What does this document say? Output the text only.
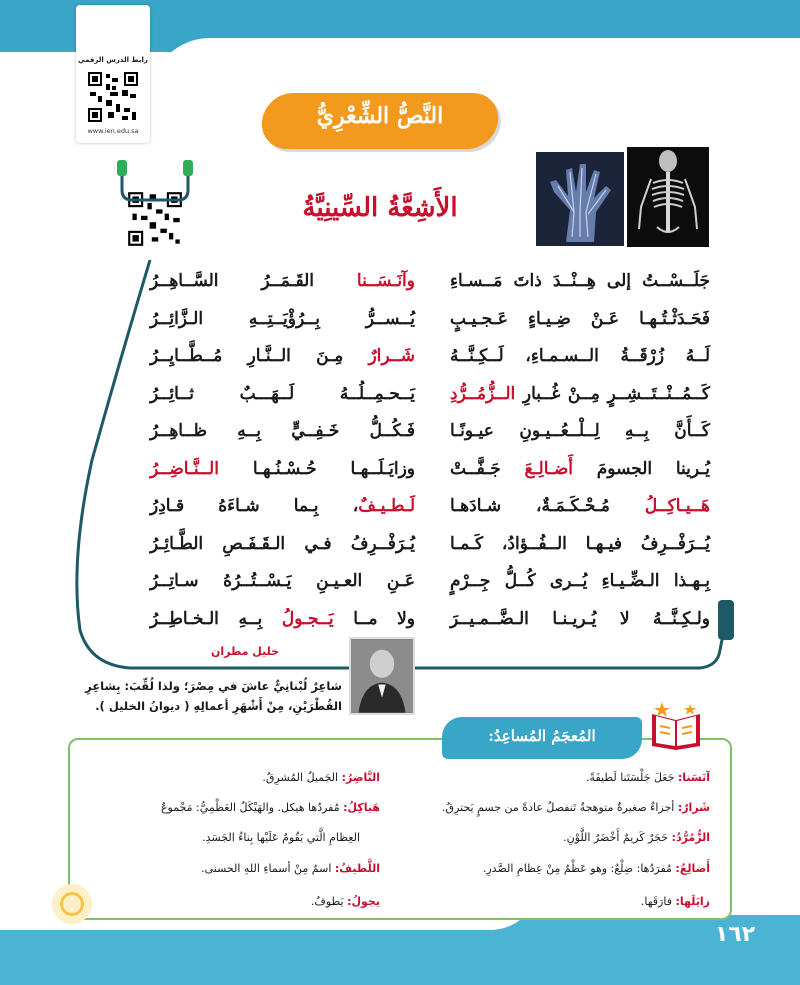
رابط الدرس الرقمي
www.ien.edu.sa
النَّصُّ الشِّعْرِيُّ
الأَشِعَّةُ السِّينِيَّةُ
جَلَــسْــتُ إلى هِــنْــدَ ذاتَ مَــسـاءِ
وآنَـسَــنا القَـمَــرُ السَّــاهِــرُ
فَحَـدَثْـتُـهـا عَـنْ ضِـيـاءٍ عَـجـيـبٍ
يُــســرُّ بِــرُؤْيَــتِــهِ الـزَّائِــرُ
لَــهُ زُرْقَــةُ الــسـمـاءِ، لَــكِـنَّــهُ
شَــرارٌ مِـنَ الــنَّـارِ مُــطَّــايِــرُ
كَــمُــنْــتَــشِــرٍ مِــنْ غُــبارِ الــزُّمُــرُّدِ
يَــحـمِــلُــهُ لَــهَـــبٌ ثــائِــرُ
كَــأَنَّ بِــهِ لِــلْــعُــيـونِ عيـونًـا
فَـكُــلُّ خَـفِــيٍّ بِــهِ ظــاهِــرُ
يُـرينا الجسومَ أَضـالِـعَ جَـفَّــتْ
وزايَـلَــهـا حُـسْـنُـهـا الــنَّـاضِــرُ
هَــيـاكِــلُ مُـحْـكَـمَـةٌ، شـادَهـا
لَـطـيـفٌ، بِـما شـاءَهُ قـادِرُ
يُــرَفْــرِفُ فيـهـا الــفُــؤادُ، كَـمـا
يُـرَفْــرِفُ فـي الـقَـفَـصِ الطَّـائِـرُ
بِـهـذا الـضِّـيـاءِ يُــرى كُــلُّ جِــرْمٍ
عَـنِ العـيـنِ يَـسْــتُــرُهُ سـاتِــرُ
ولـكِـنَّــهُ لا يُـريـنـا الـضَّــمـيــرَ
ولا مــا يَــجـولُ بِــهِ الـخـاطِــرُ
خليل مطران
شاعِرٌ لُبْنانِيٌّ عاشَ في مِصْرَ؛ ولذا لُقِّبَ: بِشاعِرِ القُطْرَيْنِ، مِنْ أَشْهَرِ أعمالِهِ ( ديوانُ الخليل ).
المُعجَمُ المُساعِدُ:
آنَسَنا: جَعَلَ جَلْسَتَنا لَطيفَةً.
شَرارٌ: أجزاءٌ صغيرةٌ متوهجةٌ تَنفصلُ عادةً من جسمٍ يَحترِقُ.
الزُّمُرُّدُ: حَجَرٌ كَريمٌ أَخْضَرُ اللَّوْنِ.
أَضالِعُ: مُفرَدُها: ضِلْعٌ: وهو عَظْمٌ مِنْ عِظامِ الصَّدرِ.
زايَلَها: فارَقَها.
النَّاضِرُ: الجَميلُ المُشرِقُ.
هَياكِلُ: مُفردُها هيكل. والهَيْكَلُ العَظْمِيُّ: مَجْموعُ
العِظامِ الَّتي يَقُومُ عَلَيْها بِناءُ الجَسَدِ.
اللَّطيفُ: اسمٌ مِنْ أسماءِ اللهِ الحسنى.
يجولُ: يَطوفُ.
١٦٢
